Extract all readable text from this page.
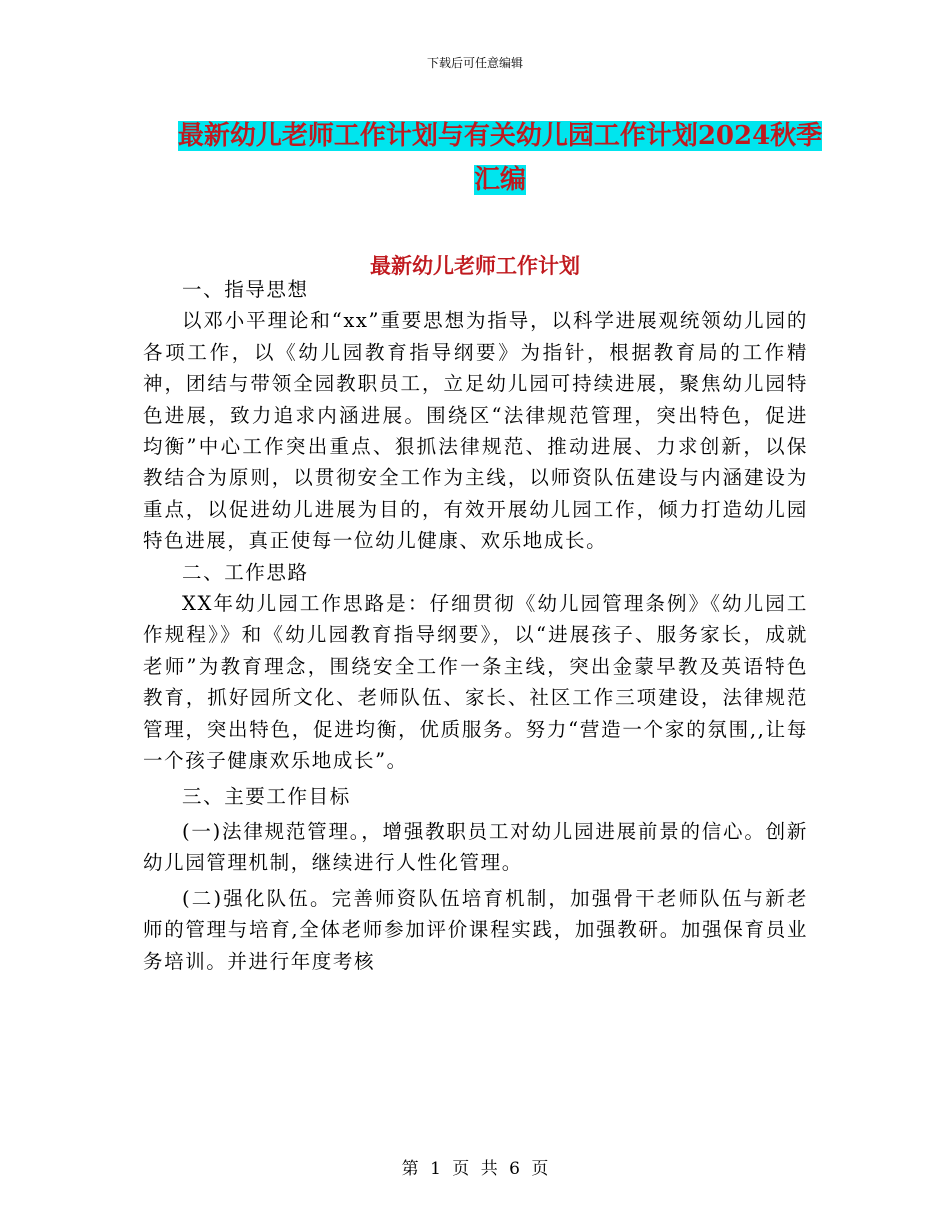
下载后可任意编辑
最新幼儿老师工作计划与有关幼儿园工作计划2024秋季汇编
最新幼儿老师工作计划

一、指导思想

以邓小平理论和“xx”重要思想为指导，以科学进展观统领幼儿园的各项工作，以《幼儿园教育指导纲要》为指针，根据教育局的工作精神，团结与带领全园教职员工，立足幼儿园可持续进展，聚焦幼儿园特色进展，致力追求内涵进展。围绕区“法律规范管理，突出特色，促进均衡”中心工作突出重点、狠抓法律规范、推动进展、力求创新，以保教结合为原则，以贯彻安全工作为主线，以师资队伍建设与内涵建设为重点，以促进幼儿进展为目的，有效开展幼儿园工作，倾力打造幼儿园特色进展，真正使每一位幼儿健康、欢乐地成长。

二、工作思路

XX年幼儿园工作思路是：仔细贯彻《幼儿园管理条例》《幼儿园工作规程》》和《幼儿园教育指导纲要》，以“进展孩子、服务家长，成就老师”为教育理念，围绕安全工作一条主线，突出金蒙早教及英语特色教育，抓好园所文化、老师队伍、家长、社区工作三项建设，法律规范管理，突出特色，促进均衡，优质服务。努力“营造一个家的氛围,,让每一个孩子健康欢乐地成长”。

三、主要工作目标

(一)法律规范管理。，增强教职员工对幼儿园进展前景的信心。创新幼儿园管理机制，继续进行人性化管理。

(二)强化队伍。完善师资队伍培育机制，加强骨干老师队伍与新老师的管理与培育,全体老师参加评价课程实践，加强教研。加强保育员业务培训。并进行年度考核

第 1 页 共 6 页
